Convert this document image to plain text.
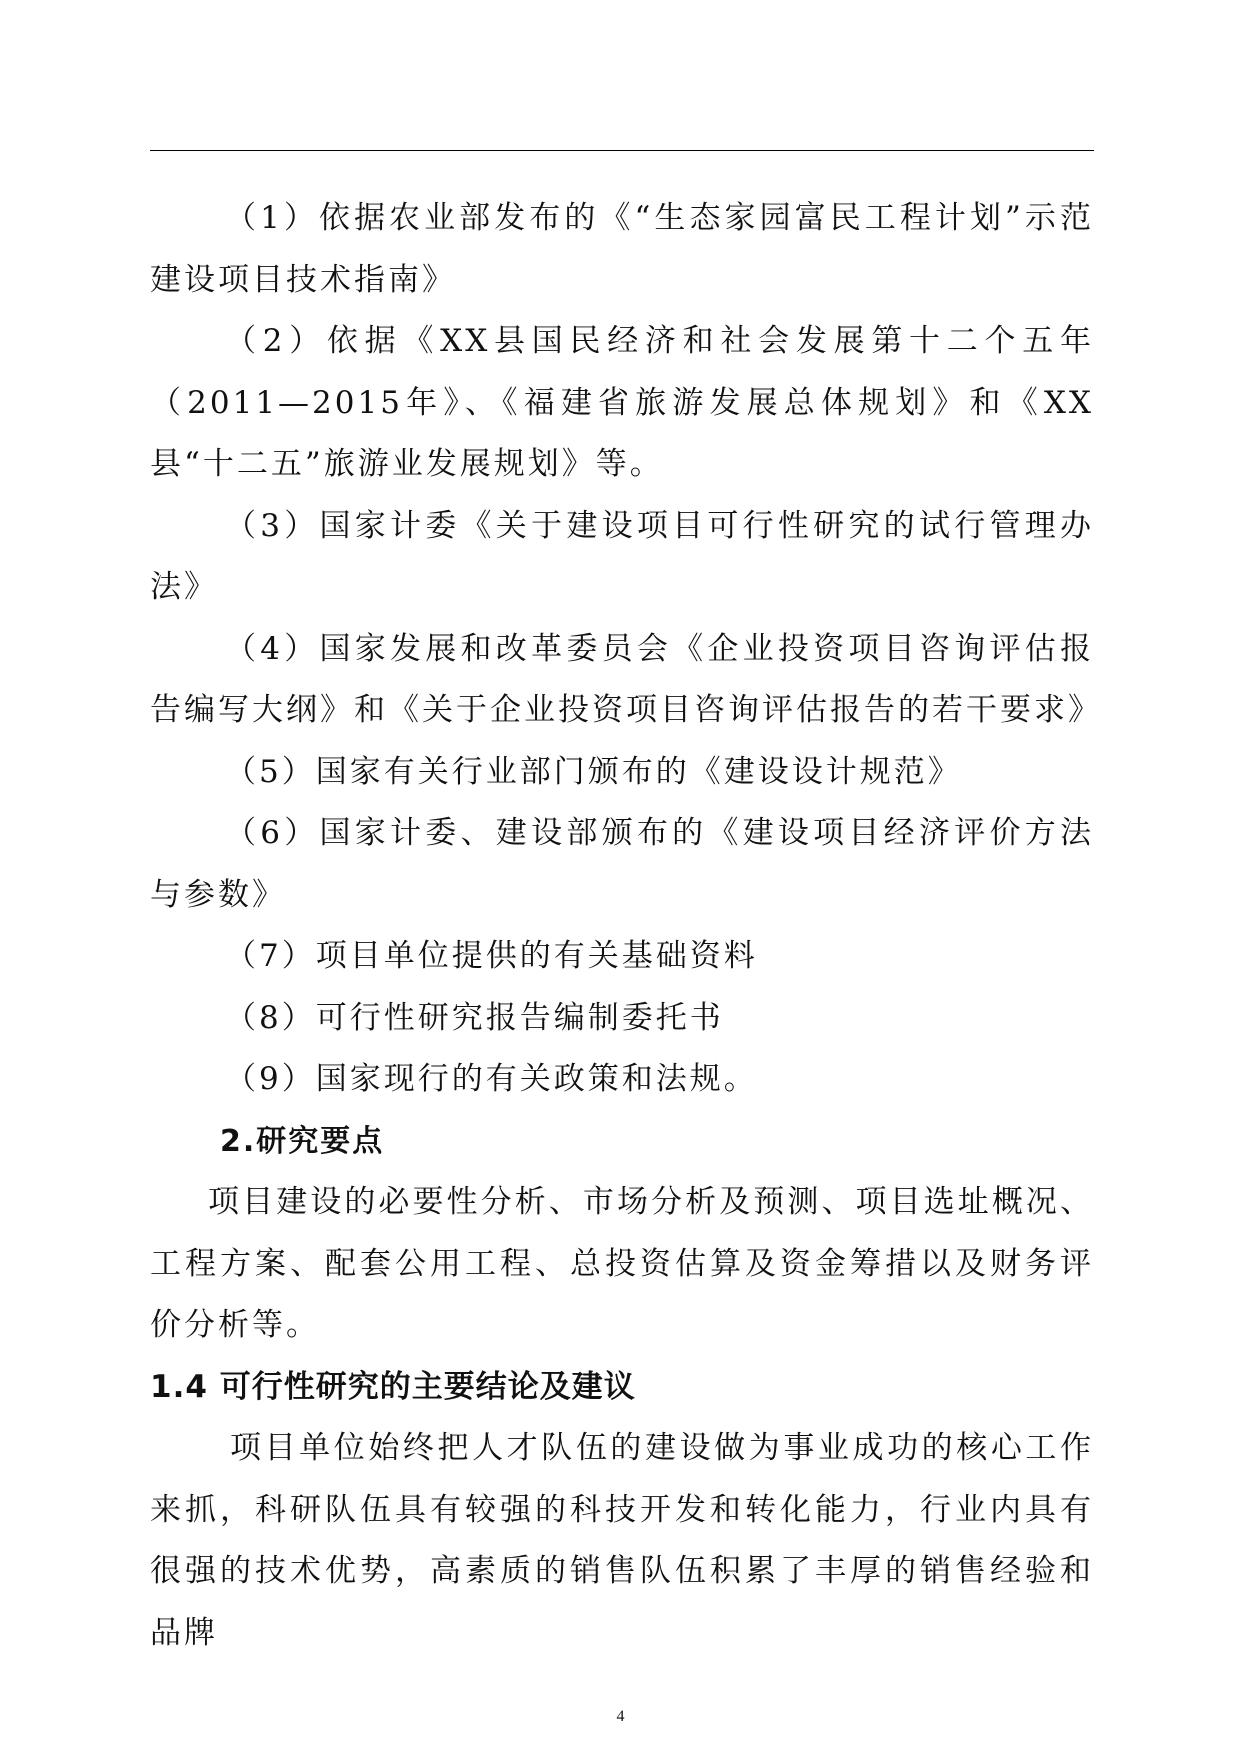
（1）依据农业部发布的《“生态家园富民工程计划”示范建设项目技术指南》

（2）依据《XX县国民经济和社会发展第十二个五年（2011—2015年》、《福建省旅游发展总体规划》和《XX县“十二五”旅游业发展规划》等。

（3）国家计委《关于建设项目可行性研究的试行管理办法》

（4）国家发展和改革委员会《企业投资项目咨询评估报告编写大纲》和《关于企业投资项目咨询评估报告的若干要求》

（5）国家有关行业部门颁布的《建设设计规范》

（6）国家计委、建设部颁布的《建设项目经济评价方法与参数》

（7）项目单位提供的有关基础资料

（8）可行性研究报告编制委托书

（9）国家现行的有关政策和法规。

2.研究要点

项目建设的必要性分析、市场分析及预测、项目选址概况、工程方案、配套公用工程、总投资估算及资金筹措以及财务评价分析等。

1.4 可行性研究的主要结论及建议

项目单位始终把人才队伍的建设做为事业成功的核心工作来抓，科研队伍具有较强的科技开发和转化能力，行业内具有很强的技术优势，高素质的销售队伍积累了丰厚的销售经验和品牌

4
